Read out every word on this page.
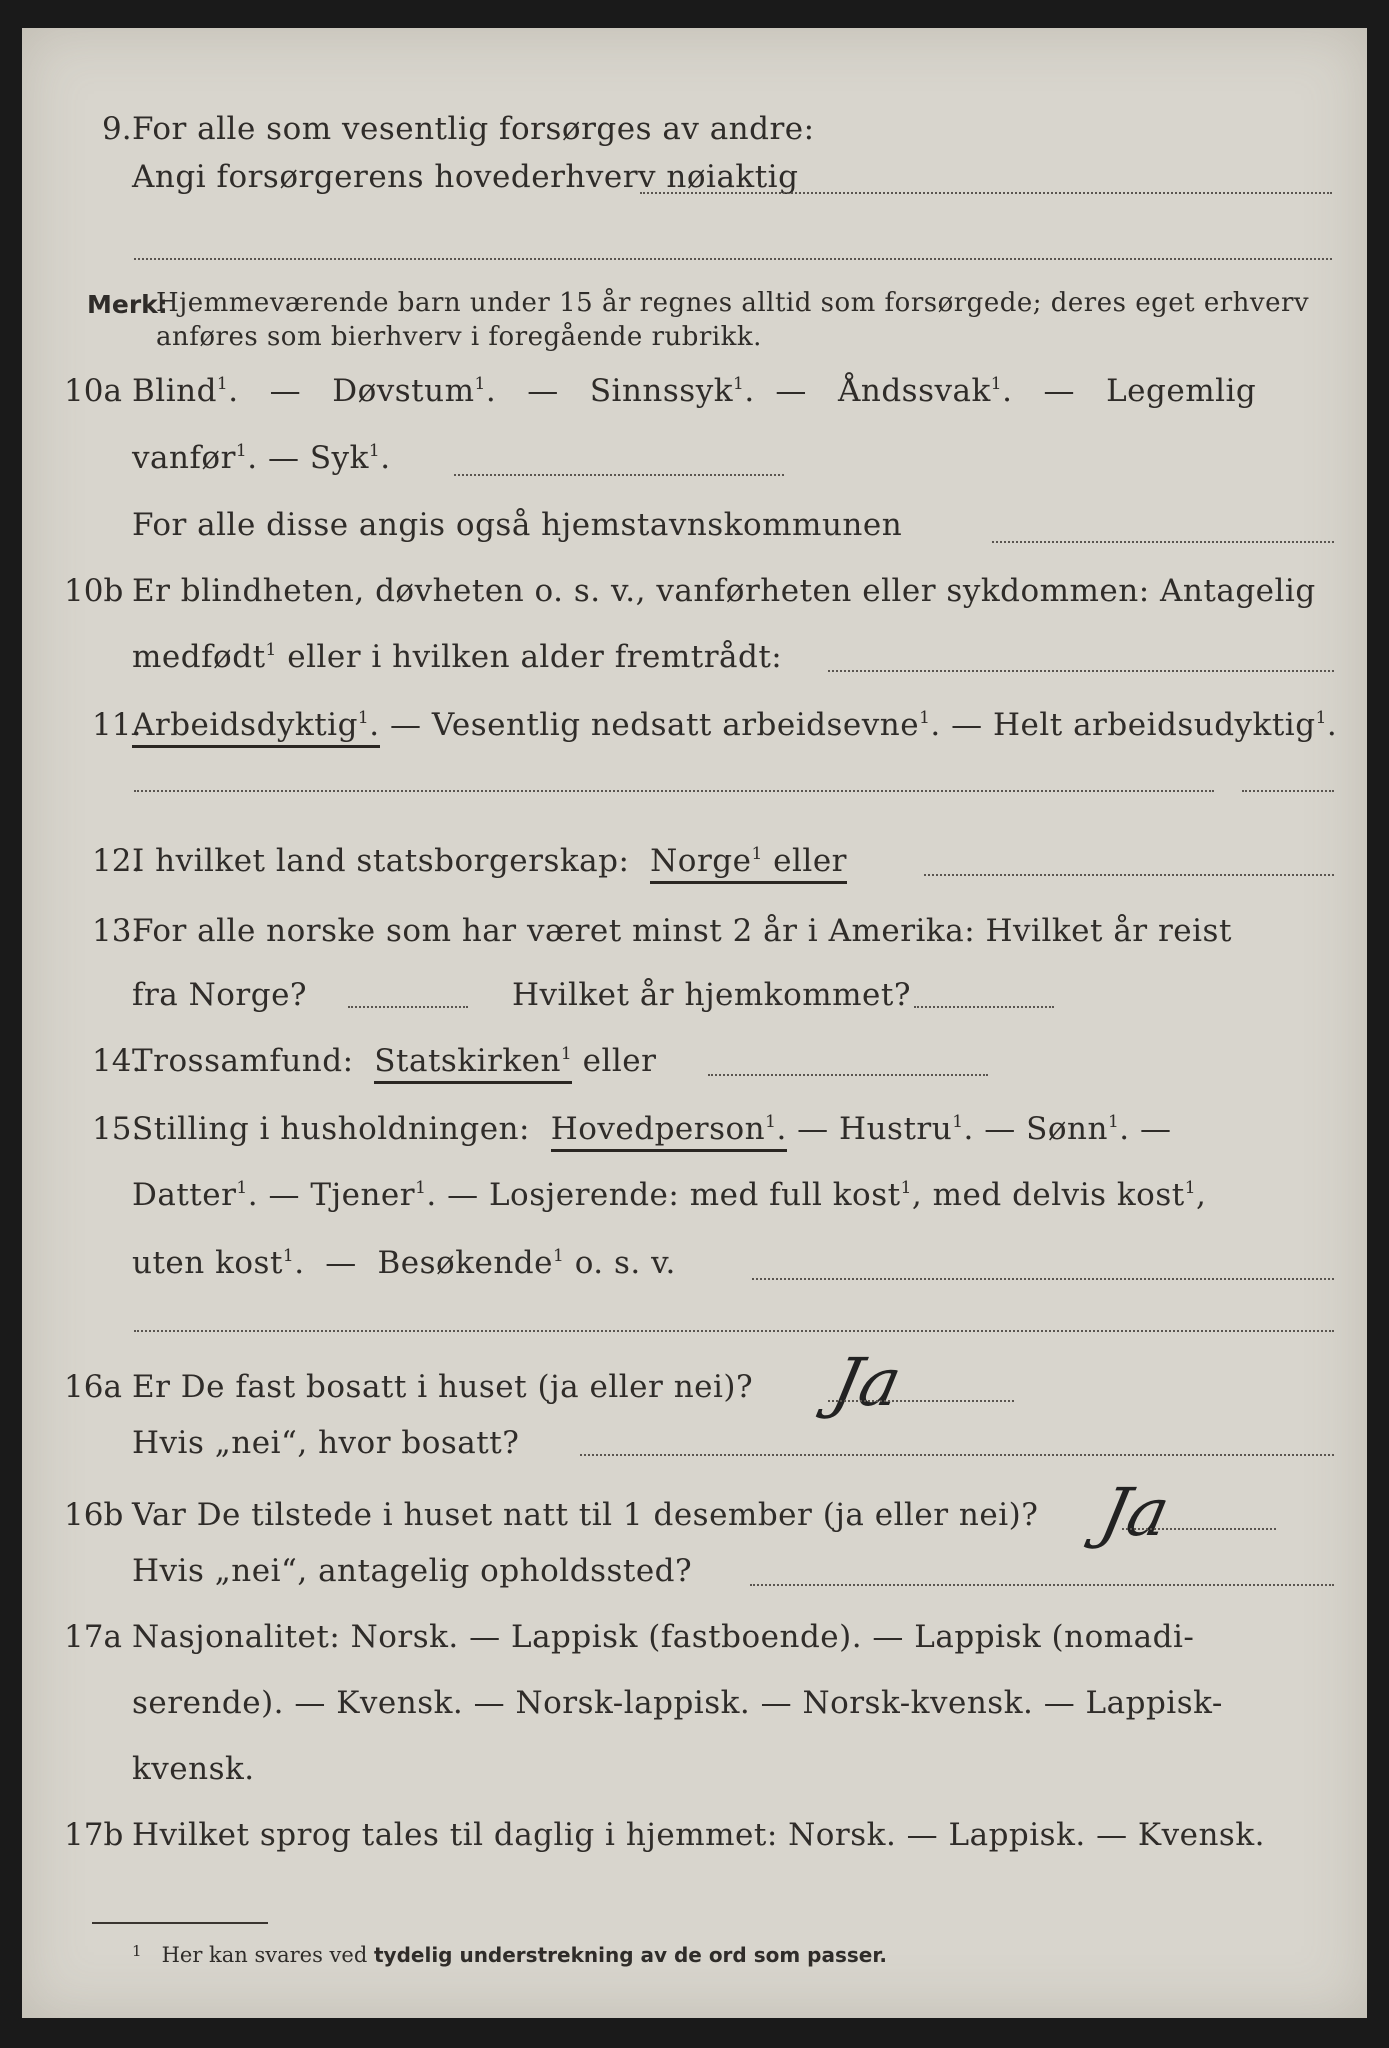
9. For alle som vesentlig forsørges av andre:
Angi forsørgerens hovederhverv nøiaktig
Merk:
Hjemmeværende barn under 15 år regnes alltid som forsørgede; deres eget erhverv
anføres som bierhverv i foregående rubrikk.
10a Blind$^1$.   —   Døvstum$^1$.   —   Sinnssyk$^1$.  —   Åndssvak$^1$.   —   Legemlig
vanfør$^1$. — Syk$^1$.
For alle disse angis også hjemstavnskommunen
10b Er blindheten, døvheten o. s. v., vanførheten eller sykdommen: Antagelig
medfødt$^1$ eller i hvilken alder fremtrådt:
11.
Arbeidsdyktig$^1$. — Vesentlig nedsatt arbeidsevne$^1$. — Helt arbeidsudyktig$^1$.
12.
I hvilket land statsborgerskap: Norge$^1$ eller
13.
For alle norske som har været minst 2 år i Amerika: Hvilket år reist
fra Norge?	Hvilket år hjemkommet?
14.
Trossamfund: Statskirken$^1$ eller
15.
Stilling i husholdningen: Hovedperson$^1$. — Hustru$^1$. — Sønn$^1$. —
Datter$^1$. — Tjener$^1$. — Losjerende: med full kost$^1$, med delvis kost$^1$,
uten kost$^1$.  —  Besøkende$^1$ o. s. v.
16a Er De fast bosatt i huset (ja eller nei)? Ja
Hvis „nei“, hvor bosatt?
16b Var De tilstede i huset natt til 1 desember (ja eller nei)? Ja
Hvis „nei“, antagelig opholdssted?
17a Nasjonalitet: Norsk. — Lappisk (fastboende). — Lappisk (nomadi-
serende). — Kvensk. — Norsk-lappisk. — Norsk-kvensk. — Lappisk-
kvensk.
17b Hvilket sprog tales til daglig i hjemmet: Norsk. — Lappisk. — Kvensk.
$^1$ Her kan svares ved tydelig understrekning av de ord som passer.
